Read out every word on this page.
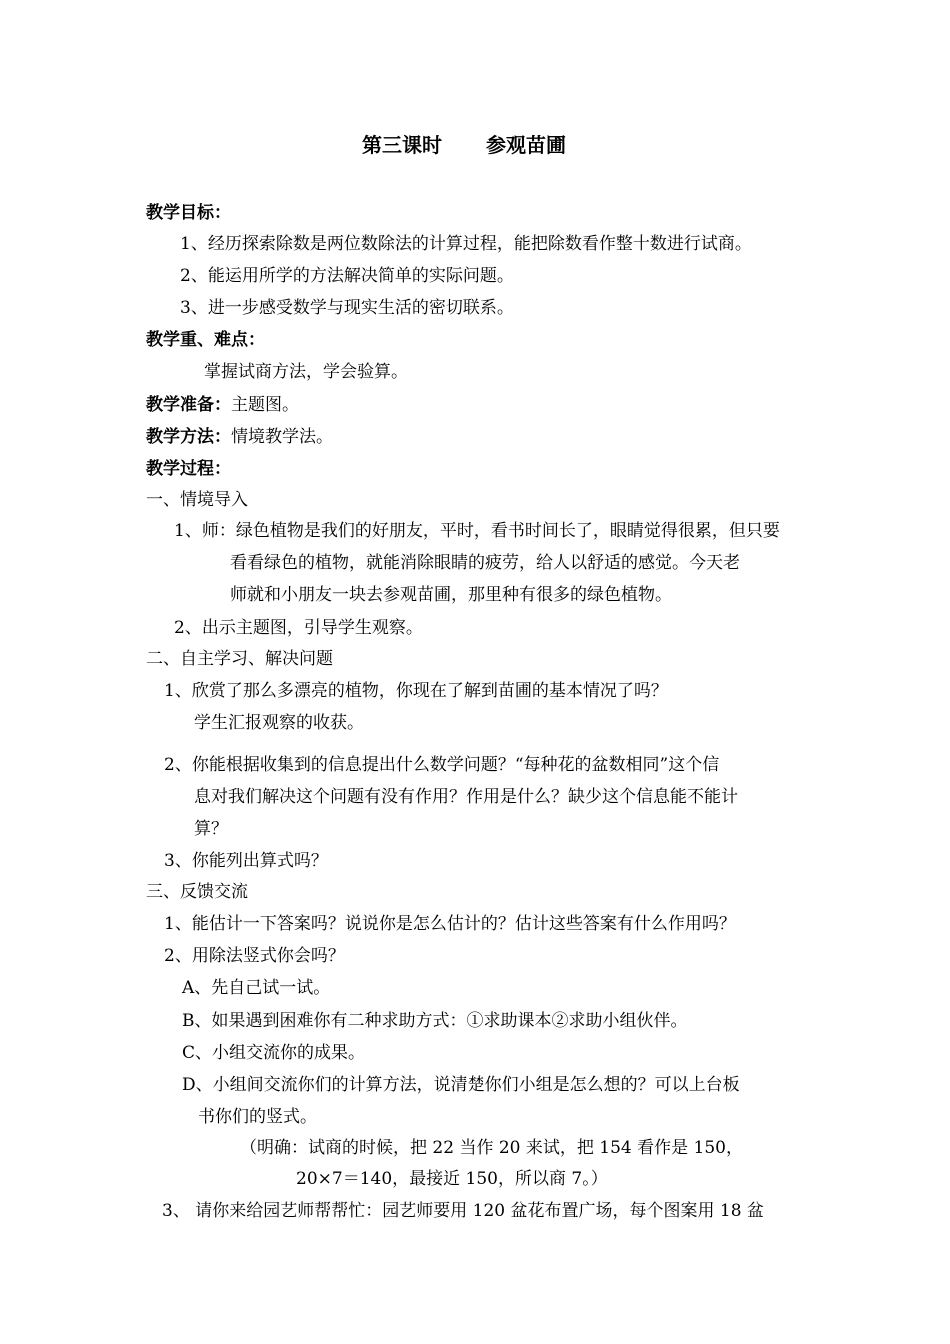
第三课时 参观苗圃
教学目标：
1、经历探索除数是两位数除法的计算过程，能把除数看作整十数进行试商。
2、能运用所学的方法解决简单的实际问题。
3、进一步感受数学与现实生活的密切联系。
教学重、难点：
掌握试商方法，学会验算。
教学准备：主题图。
教学方法：情境教学法。
教学过程：
一、情境导入
1、师：绿色植物是我们的好朋友，平时，看书时间长了，眼睛觉得很累，但只要
看看绿色的植物，就能消除眼睛的疲劳，给人以舒适的感觉。今天老
师就和小朋友一块去参观苗圃，那里种有很多的绿色植物。
2、出示主题图，引导学生观察。
二、自主学习、解决问题
1、欣赏了那么多漂亮的植物，你现在了解到苗圃的基本情况了吗？
学生汇报观察的收获。
2、你能根据收集到的信息提出什么数学问题？“每种花的盆数相同”这个信
息对我们解决这个问题有没有作用？作用是什么？缺少这个信息能不能计
算？
3、你能列出算式吗？
三、反馈交流
1、能估计一下答案吗？说说你是怎么估计的？估计这些答案有什么作用吗？
2、用除法竖式你会吗？
A、先自己试一试。
B、如果遇到困难你有二种求助方式：①求助课本②求助小组伙伴。
C、小组交流你的成果。
D、小组间交流你们的计算方法，说清楚你们小组是怎么想的？可以上台板
书你们的竖式。
（明确：试商的时候，把 22 当作 20 来试，把 154 看作是 150，
20×7＝140，最接近 150，所以商 7。）
3、 请你来给园艺师帮帮忙：园艺师要用 120 盆花布置广场，每个图案用 18 盆
